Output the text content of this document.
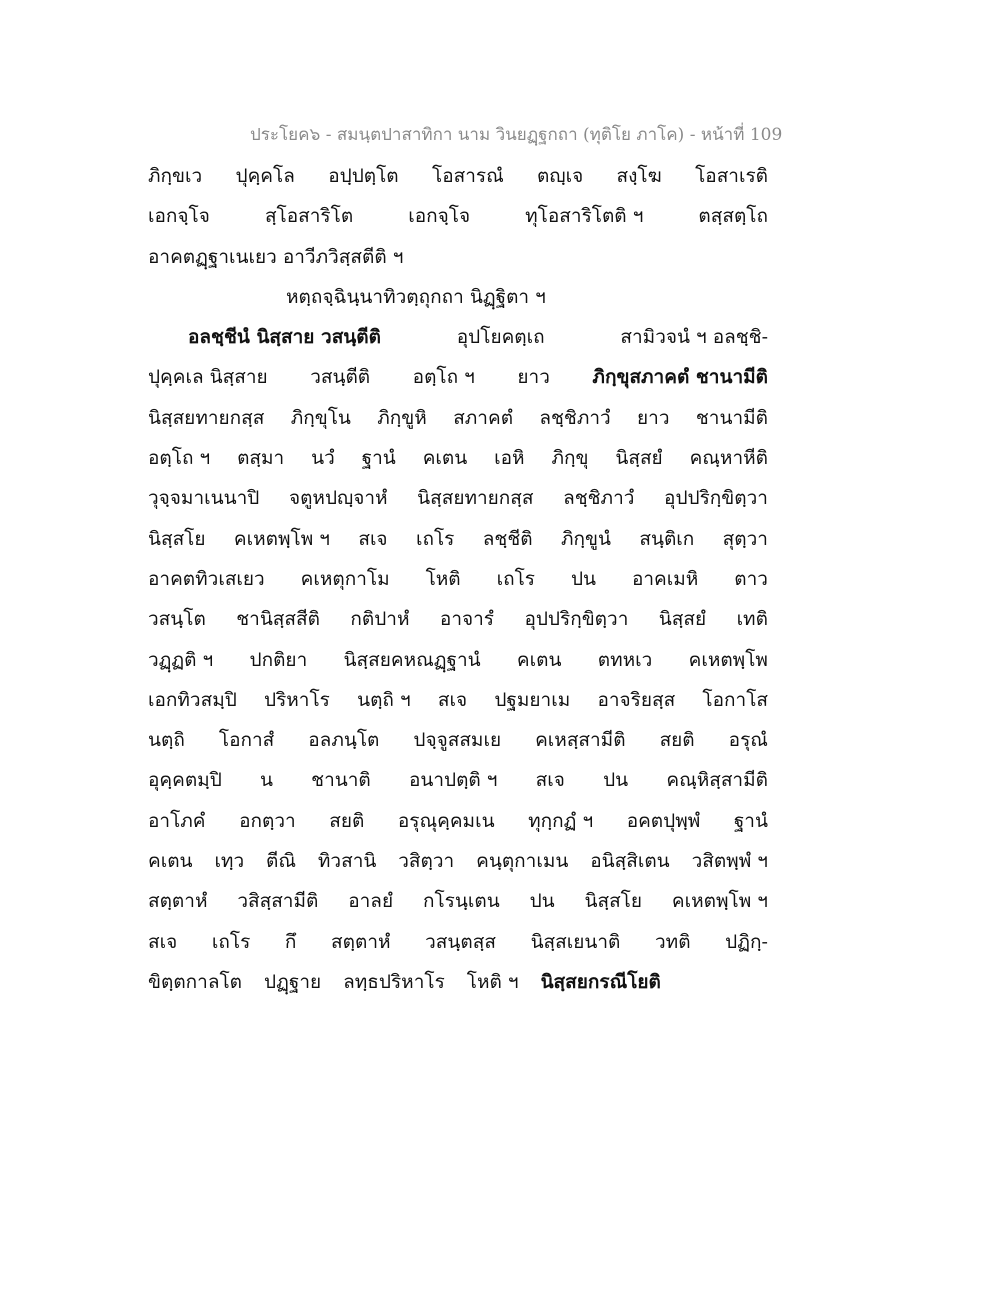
ประโยค๖ - สมนฺตปาสาทิกา นาม วินยฏฺฐกถา (ทุติโย ภาโค) - หน้าที่ 109
ภิกฺขเว ปุคฺคโล อปฺปตฺโต โอสารณํ ตญฺเจ สงฺโฆ โอสาเรติ
เอกจฺโจ	สฺโอสาริโต	เอกจฺโจ	ทุโอสาริโตติ ฯ	ตสฺสตฺโถ
อาคตฏฺฐาเนเยว อาวีภวิสฺสตีติ ฯ
หตฺถจฺฉินฺนาทิวตฺถุกถา นิฏฺฐิตา ฯ
อลชฺชีนํ นิสฺสาย วสนฺตีติ	อุปโยคตฺเถ	สามิวจนํ ฯ อลชฺชิ-
ปุคฺคเล นิสฺสาย วสนฺตีติ อตฺโถ ฯ ยาว ภิกฺขุสภาคตํ ชานามีติ
นิสฺสยทายกสฺส ภิกฺขุโน ภิกฺขูหิ สภาคตํ ลชฺชิภาวํ ยาว ชานามีติ
อตฺโถ ฯ ตสฺมา นวํ ฐานํ คเตน เอหิ ภิกฺขุ นิสฺสยํ คณฺหาหีติ
วุจฺจมาเนนาปิ จตูหปญฺจาหํ นิสฺสยทายกสฺส ลชฺชิภาวํ อุปปริกฺขิตฺวา
นิสฺสโย คเหตพฺโพ ฯ สเจ เถโร ลชฺชีติ ภิกฺขูนํ สนฺติเก สุตฺวา
อาคตทิวเสเยว คเหตุกาโม โหติ เถโร ปน อาคเมหิ ตาว
วสนฺโต ชานิสฺสสีติ กติปาหํ อาจารํ อุปปริกฺขิตฺวา นิสฺสยํ เทติ
วฏฺฏติ ฯ ปกติยา นิสฺสยคหณฏฺฐานํ คเตน ตทหเว คเหตพฺโพ
เอกทิวสมฺปิ ปริหาโร นตฺถิ ฯ สเจ ปฐมยาเม อาจริยสฺส โอกาโส
นตฺถิ โอกาสํ อลภนฺโต ปจฺจูสสมเย คเหสฺสามีติ สยติ อรุณํ
อุคฺคตมฺปิ น ชานาติ อนาปตฺติ ฯ สเจ ปน คณฺหิสฺสามีติ
อาโภคํ อกตฺวา สยติ อรุณุคฺคมเน ทุกฺกฏํ ฯ อคตปุพฺพํ ฐานํ
คเตน เทฺว ตีณิ ทิวสานิ วสิตฺวา คนฺตุกาเมน อนิสฺสิเตน วสิตพฺพํ ฯ
สตฺตาหํ วสิสฺสามีติ อาลยํ กโรนฺเตน ปน นิสฺสโย คเหตพฺโพ ฯ
สเจ เถโร กึ สตฺตาหํ วสนฺตสฺส นิสฺสเยนาติ วทติ ปฏิกฺ-
ขิตฺตกาลโต ปฏฺฐาย ลทฺธปริหาโร โหติ ฯ นิสฺสยกรณีโยติ
